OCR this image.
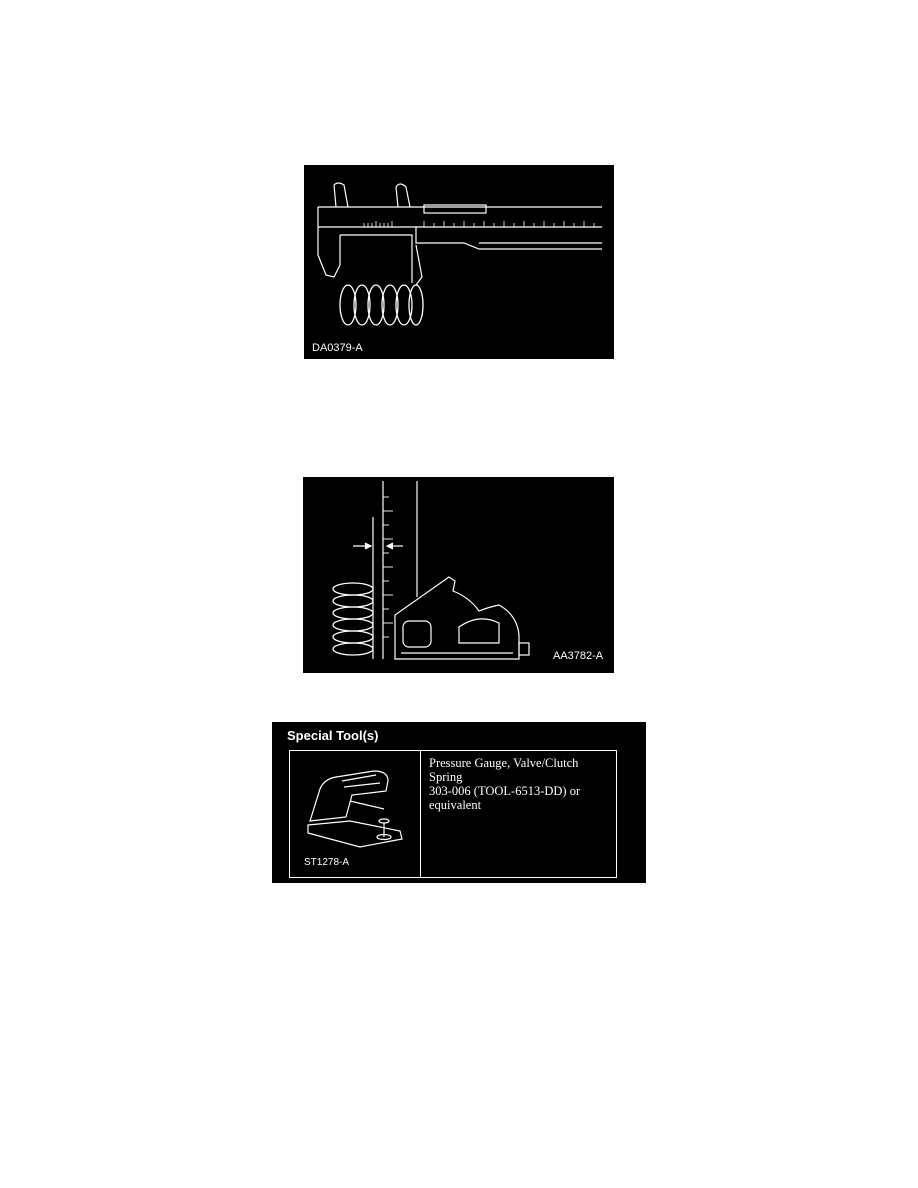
DA0379-A
AA3782-A
Special Tool(s)
ST1278-A
Pressure Gauge, Valve/Clutch
Spring
303-006 (TOOL-6513-DD) or
equivalent
